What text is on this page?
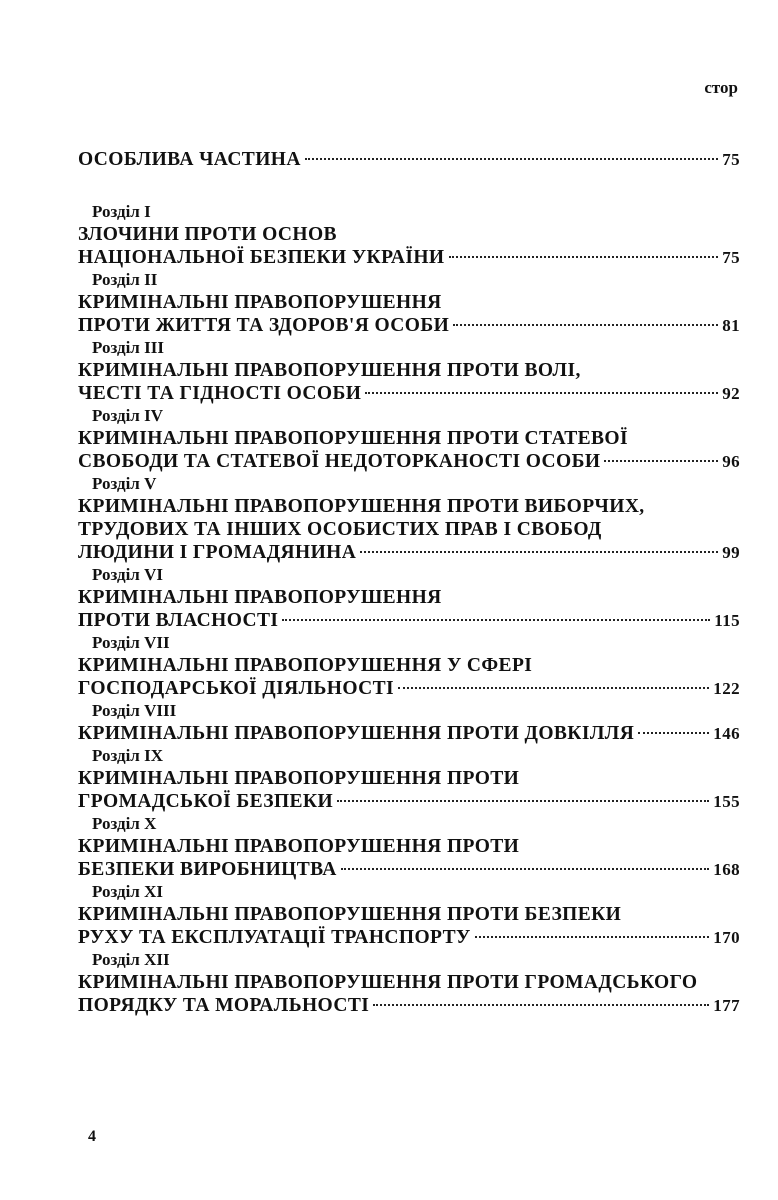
стор
ОСОБЛИВА ЧАСТИНА	75
Розділ І
ЗЛОЧИНИ ПРОТИ ОСНОВ
НАЦІОНАЛЬНОЇ БЕЗПЕКИ УКРАЇНИ	75
Розділ ІІ
КРИМІНАЛЬНІ ПРАВОПОРУШЕННЯ
ПРОТИ ЖИТТЯ ТА ЗДОРОВ'Я ОСОБИ	81
Розділ ІІІ
КРИМІНАЛЬНІ ПРАВОПОРУШЕННЯ ПРОТИ ВОЛІ,
ЧЕСТІ ТА ГІДНОСТІ ОСОБИ	92
Розділ IV
КРИМІНАЛЬНІ ПРАВОПОРУШЕННЯ ПРОТИ СТАТЕВОЇ
СВОБОДИ ТА СТАТЕВОЇ НЕДОТОРКАНОСТІ ОСОБИ	96
Розділ V
КРИМІНАЛЬНІ ПРАВОПОРУШЕННЯ ПРОТИ ВИБОРЧИХ,
ТРУДОВИХ ТА ІНШИХ ОСОБИСТИХ ПРАВ І СВОБОД
ЛЮДИНИ І ГРОМАДЯНИНА	99
Розділ VІ
КРИМІНАЛЬНІ ПРАВОПОРУШЕННЯ
ПРОТИ ВЛАСНОСТІ	115
Розділ VІІ
КРИМІНАЛЬНІ ПРАВОПОРУШЕННЯ У СФЕРІ
ГОСПОДАРСЬКОЇ ДІЯЛЬНОСТІ	122
Розділ VІІІ
КРИМІНАЛЬНІ ПРАВОПОРУШЕННЯ ПРОТИ ДОВКІЛЛЯ	146
Розділ ІX
КРИМІНАЛЬНІ ПРАВОПОРУШЕННЯ ПРОТИ
ГРОМАДСЬКОЇ БЕЗПЕКИ	155
Розділ X
КРИМІНАЛЬНІ ПРАВОПОРУШЕННЯ ПРОТИ
БЕЗПЕКИ ВИРОБНИЦТВА	168
Розділ XІ
КРИМІНАЛЬНІ ПРАВОПОРУШЕННЯ ПРОТИ БЕЗПЕКИ
РУХУ ТА ЕКСПЛУАТАЦІЇ ТРАНСПОРТУ	170
Розділ XІІ
КРИМІНАЛЬНІ ПРАВОПОРУШЕННЯ ПРОТИ ГРОМАДСЬКОГО
ПОРЯДКУ ТА МОРАЛЬНОСТІ	177
4
